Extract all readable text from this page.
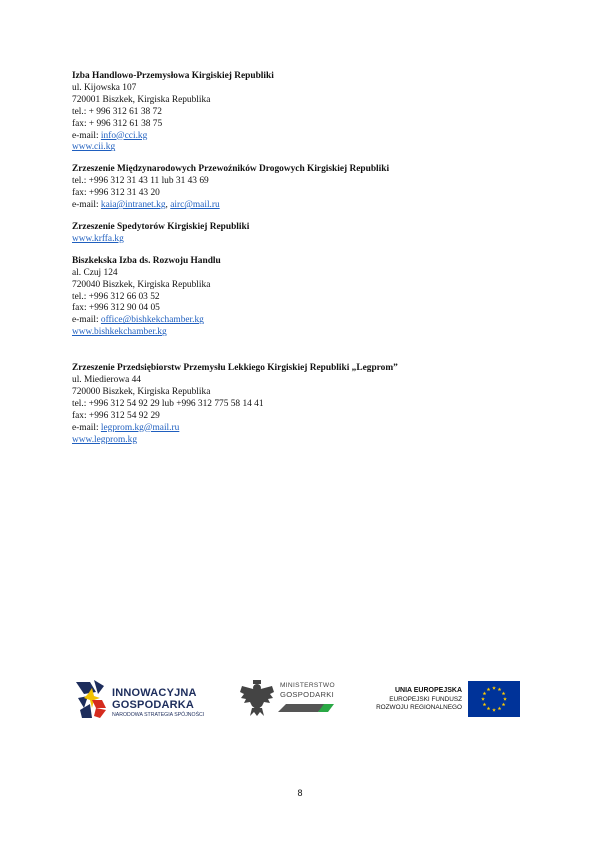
Izba Handlowo-Przemysłowa Kirgiskiej Republiki
ul. Kijowska 107
720001 Biszkek, Kirgiska Republika
tel.: + 996 312 61 38 72
fax: + 996 312 61 38 75
e-mail: info@cci.kg
www.cii.kg
Zrzeszenie Międzynarodowych Przewoźników Drogowych Kirgiskiej Republiki
tel.: +996 312 31 43 11 lub 31 43 69
fax: +996 312 31 43 20
e-mail: kaia@intranet.kg, airc@mail.ru
Zrzeszenie Spedytorów Kirgiskiej Republiki
www.krffa.kg
Biszkekska Izba ds. Rozwoju Handlu
al. Czuj 124
720040 Biszkek, Kirgiska Republika
tel.: +996 312 66 03 52
fax: +996 312 90 04 05
e-mail: office@bishkekchamber.kg
www.bishkekchamber.kg
Zrzeszenie Przedsiębiorstw Przemysłu Lekkiego Kirgiskiej Republiki „Legprom”
ul. Miedierowa 44
720000 Biszkek, Kirgiska Republika
tel.: +996 312 54 92 29 lub +996 312 775 58 14 41
fax: +996 312 54 92 29
e-mail: legprom.kg@mail.ru
www.legprom.kg
INNOWACYJNA
GOSPODARKA
NARODOWA STRATEGIA SPÓJNOŚCI
MINISTERSTWO
GOSPODARKI	UNIA EUROPEJSKA
EUROPEJSKI FUNDUSZ
ROZWOJU REGIONALNEGO
8
